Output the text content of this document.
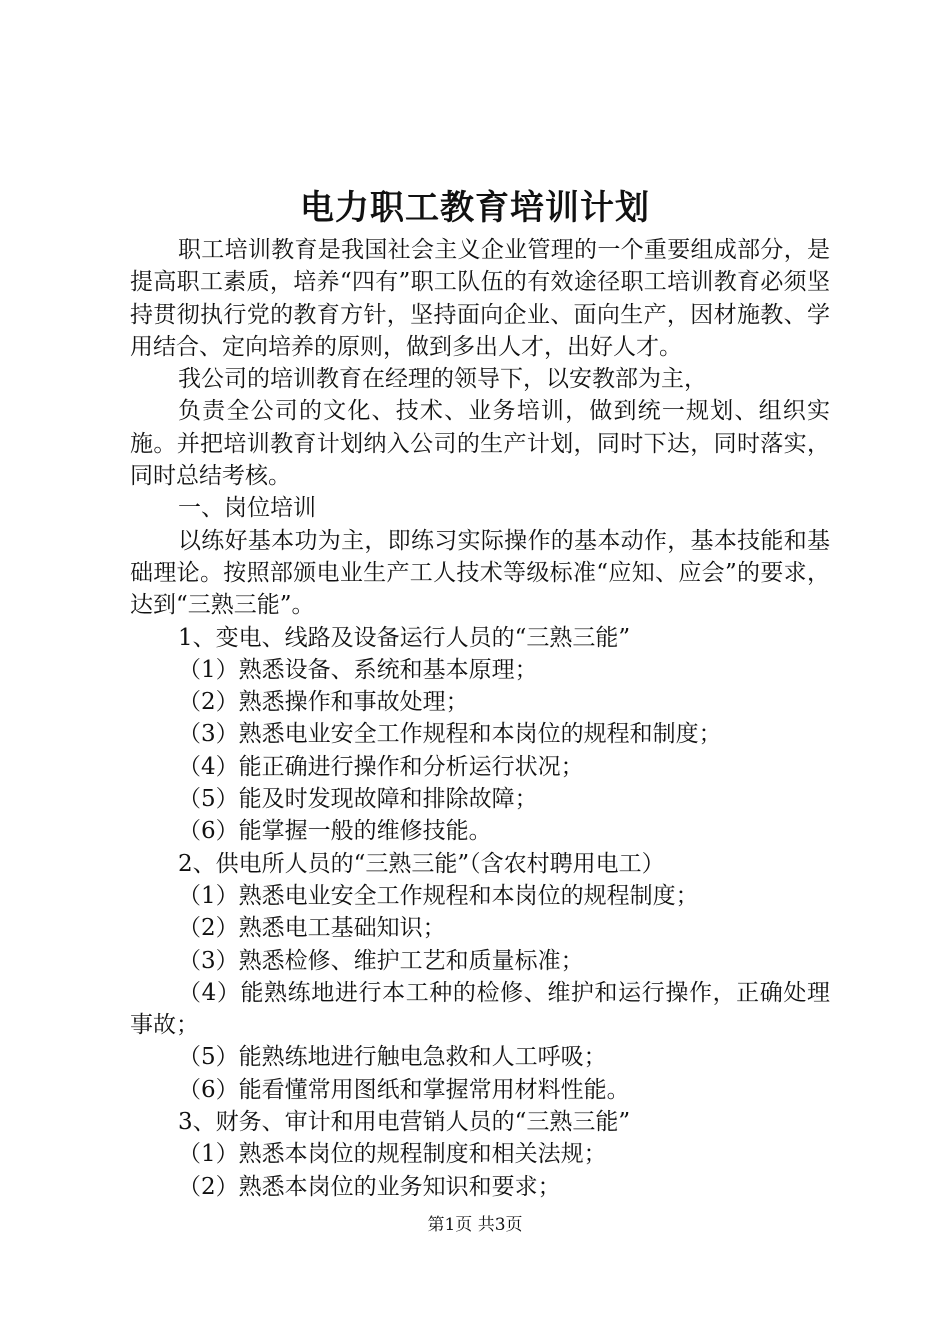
电力职工教育培训计划

职工培训教育是我国社会主义企业管理的一个重要组成部分，是提高职工素质，培养“四有”职工队伍的有效途径职工培训教育必须坚持贯彻执行党的教育方针，坚持面向企业、面向生产，因材施教、学用结合、定向培养的原则，做到多出人才，出好人才。

我公司的培训教育在经理的领导下，以安教部为主，

负责全公司的文化、技术、业务培训，做到统一规划、组织实施。并把培训教育计划纳入公司的生产计划，同时下达，同时落实，同时总结考核。

一、岗位培训

以练好基本功为主，即练习实际操作的基本动作，基本技能和基础理论。按照部颁电业生产工人技术等级标准“应知、应会”的要求，达到“三熟三能”。

1、变电、线路及设备运行人员的“三熟三能”

（1）熟悉设备、系统和基本原理；

（2）熟悉操作和事故处理；

（3）熟悉电业安全工作规程和本岗位的规程和制度；

（4）能正确进行操作和分析运行状况；

（5）能及时发现故障和排除故障；

（6）能掌握一般的维修技能。

2、供电所人员的“三熟三能”（含农村聘用电工）

（1）熟悉电业安全工作规程和本岗位的规程制度；

（2）熟悉电工基础知识；

（3）熟悉检修、维护工艺和质量标准；

（4）能熟练地进行本工种的检修、维护和运行操作，正确处理事故；

（5）能熟练地进行触电急救和人工呼吸；

（6）能看懂常用图纸和掌握常用材料性能。

3、财务、审计和用电营销人员的“三熟三能”

（1）熟悉本岗位的规程制度和相关法规；

（2）熟悉本岗位的业务知识和要求；

第1页 共3页
